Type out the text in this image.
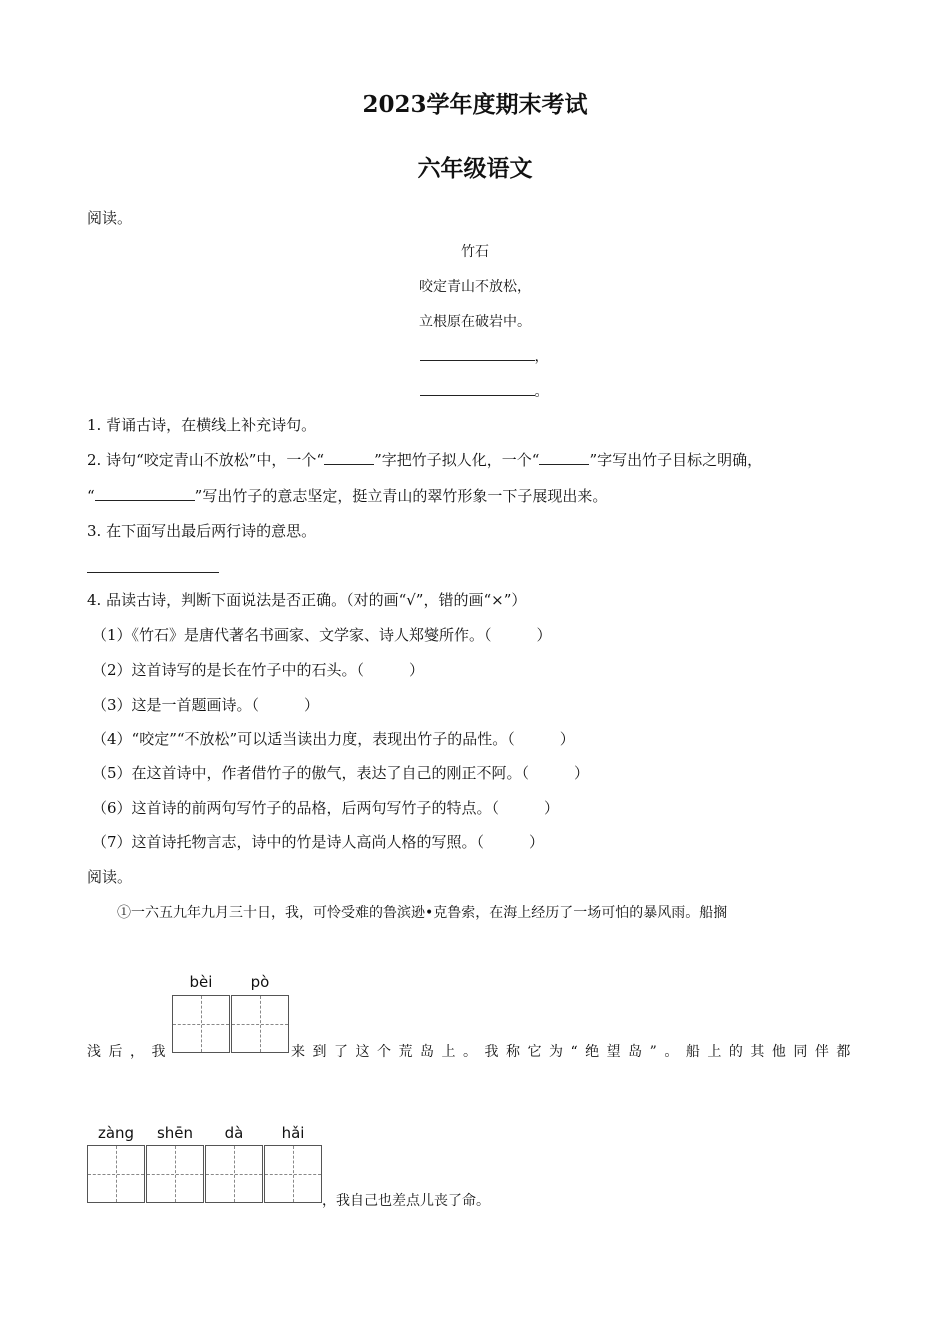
2023学年度期末考试
六年级语文
阅读。
竹石
咬定青山不放松，
立根原在破岩中。
，
。
1. 背诵古诗，在横线上补充诗句。
2. 诗句“咬定青山不放松”中，一个“	”字把竹子拟人化，一个“	”字写出竹子目标之明确，
“	”写出竹子的意志坚定，挺立青山的翠竹形象一下子展现出来。
3. 在下面写出最后两行诗的意思。
4. 品读古诗，判断下面说法是否正确。（对的画“√”，错的画“×”）
（1）《竹石》是唐代著名书画家、文学家、诗人郑燮所作。（　　　）
（2）这首诗写的是长在竹子中的石头。（　　　）
（3）这是一首题画诗。（　　　）
（4）“咬定”“不放松”可以适当读出力度，表现出竹子的品性。（　　　）
（5）在这首诗中，作者借竹子的傲气，表达了自己的刚正不阿。（　　　）
（6）这首诗的前两句写竹子的品格，后两句写竹子的特点。（　　　）
（7）这首诗托物言志，诗中的竹是诗人高尚人格的写照。（　　　）
阅读。
①一六五九年九月三十日，我，可怜受难的鲁滨逊•克鲁索，在海上经历了一场可怕的暴风雨。船搁
bèi	pò
浅后，我	来到了这个荒岛上。我称它为“绝望岛”。船上的其他同伴都
zàng	shēn	dà	hǎi
，我自己也差点儿丧了命。
